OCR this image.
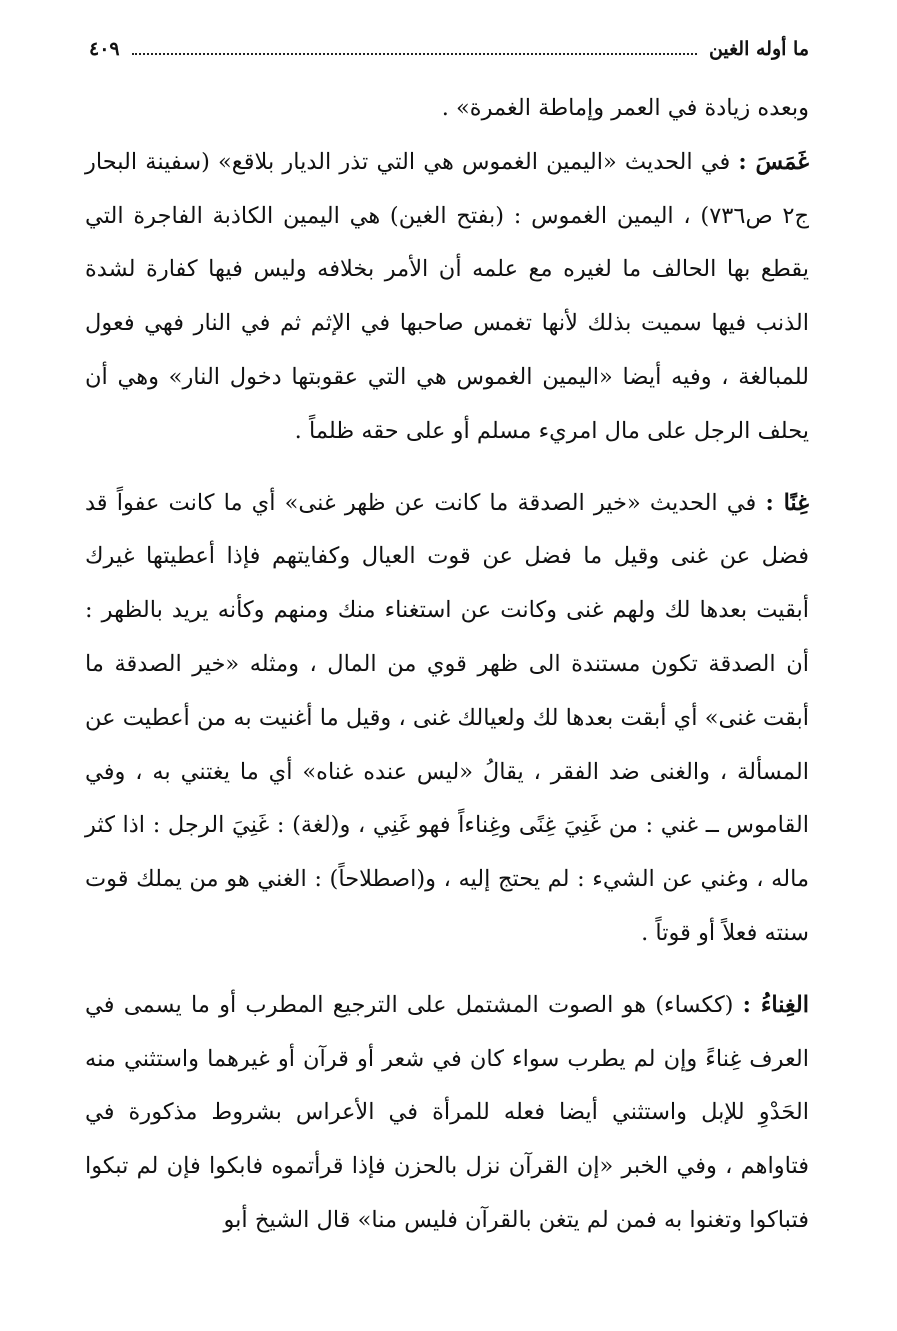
ما أوله الغين
٤٠٩

وبعده زيادة في العمر وإماطة الغمرة» .

غَمَسَ : في الحديث «اليمين الغموس هي التي تذر الديار بلاقع» (سفينة البحار ج٢ ص٧٣٦) ، اليمين الغموس : (بفتح الغين) هي اليمين الكاذبة الفاجرة التي يقطع بها الحالف ما لغيره مع علمه أن الأمر بخلافه وليس فيها كفارة لشدة الذنب فيها سميت بذلك لأنها تغمس صاحبها في الإثم ثم في النار فهي فعول للمبالغة ، وفيه أيضا «اليمين الغموس هي التي عقوبتها دخول النار» وهي أن يحلف الرجل على مال امريء مسلم أو على حقه ظلماً .

غِنًا : في الحديث «خير الصدقة ما كانت عن ظهر غنى» أي ما كانت عفواً قد فضل عن غنى وقيل ما فضل عن قوت العيال وكفايتهم فإذا أعطيتها غيرك أبقيت بعدها لك ولهم غنى وكانت عن استغناء منك ومنهم وكأنه يريد بالظهر : أن الصدقة تكون مستندة الى ظهر قوي من المال ، ومثله «خير الصدقة ما أبقت غنى» أي أبقت بعدها لك ولعيالك غنى ، وقيل ما أغنيت به من أعطيت عن المسألة ، والغنى ضد الفقر ، يقالُ «ليس عنده غناه» أي ما يغتني به ، وفي القاموس ــ غني : من غَنِيَ غِنًى وغِناءاً فهو غَنِي ، و(لغة) : غَنِيَ الرجل : اذا كثر ماله ، وغني عن الشيء : لم يحتج إليه ، و(اصطلاحاً) : الغني هو من يملك قوت سنته فعلاً أو قوتاً .

الغِناءُ : (ككساء) هو الصوت المشتمل على الترجيع المطرب أو ما يسمى في العرف غِناءً وإن لم يطرب سواء كان في شعر أو قرآن أو غيرهما واستثني منه الحَدْوِ للإبل واستثني أيضا فعله للمرأة في الأعراس بشروط مذكورة في فتاواهم ، وفي الخبر «إن القرآن نزل بالحزن فإذا قرأتموه فابكوا فإن لم تبكوا فتباكوا وتغنوا به فمن لم يتغن بالقرآن فليس منا» قال الشيخ أبو
